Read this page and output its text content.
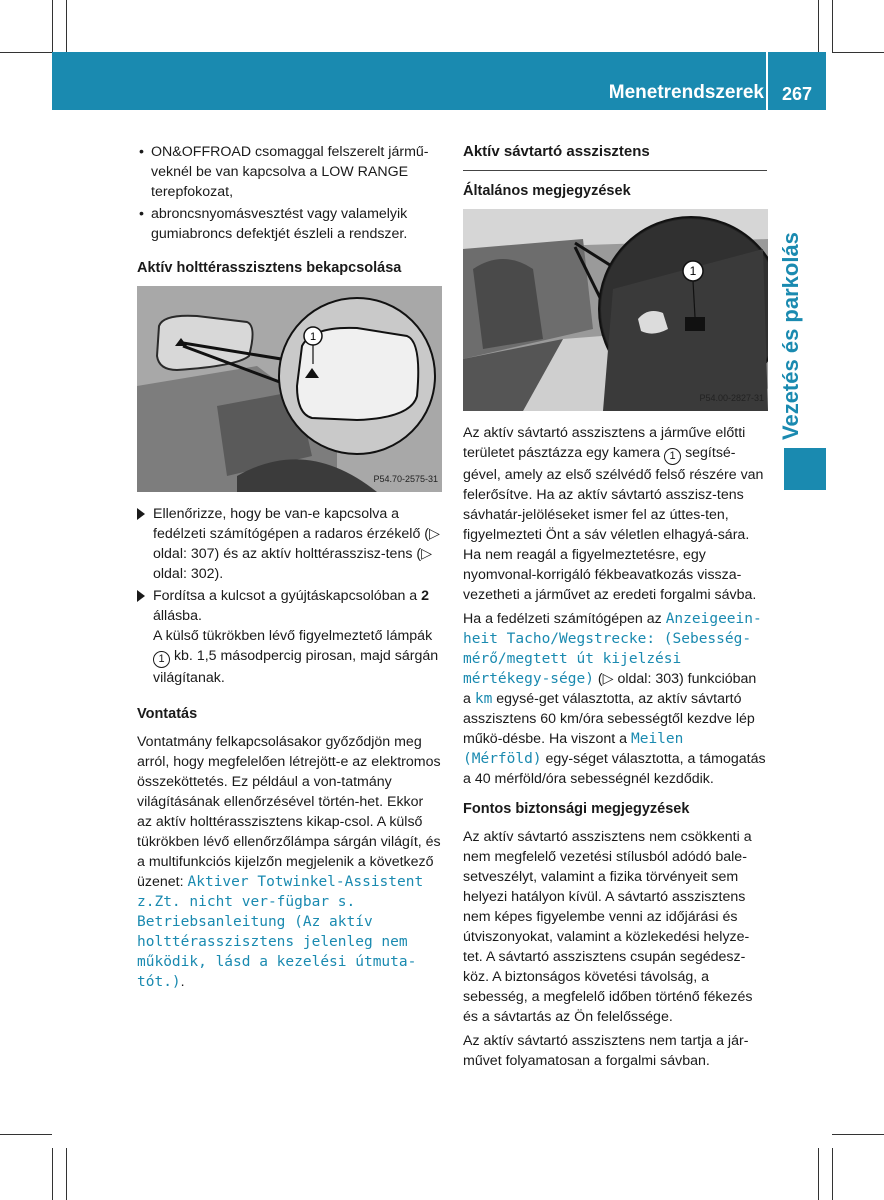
Menetrendszerek 267
Vezetés és parkolás
• ON&OFFROAD csomaggal felszerelt jármű-veknél be van kapcsolva a LOW RANGE terepfokozat,
• abroncsnyomásvesztést vagy valamelyik gumiabroncs defektjét észleli a rendszer.
Aktív holttérasszisztens bekapcsolása
1
P54.70-2575-31
Ellenőrizze, hogy be van-e kapcsolva a fedélzeti számítógépen a radaros érzékelő (▷ oldal: 307) és az aktív holttérasszisz-tens (▷ oldal: 302).
Fordítsa a kulcsot a gyújtáskapcsolóban a 2 állásba.
A külső tükrökben lévő figyelmeztető lámpák 1 kb. 1,5 másodpercig pirosan, majd sárgán világítanak.
Vontatás

Vontatmány felkapcsolásakor győződjön meg arról, hogy megfelelően létrejött-e az elektromos összeköttetés. Ez például a von-tatmány világításának ellenőrzésével történ-het. Ekkor az aktív holttérasszisztens kikap-csol. A külső tükrökben lévő ellenőrzőlámpa sárgán világít, és a multifunkciós kijelzőn megjelenik a következő üzenet: Aktiver Totwinkel-Assistent z.Zt. nicht ver-fügbar s. Betriebsanleitung (Az aktív holttérasszisztens jelenleg nem működik, lásd a kezelési útmuta-tót.).

Aktív sávtartó asszisztens
Általános megjegyzések
1
P54.00-2827-31

Az aktív sávtartó asszisztens a járműve előtti területet pásztázza egy kamera 1 segítsé-gével, amely az első szélvédő felső részére van felerősítve. Ha az aktív sávtartó asszisz-tens sávhatár-jelöléseket ismer fel az úttes-ten, figyelmezteti Önt a sáv véletlen elhagyá-sára. Ha nem reagál a figyelmeztetésre, egy nyomvonal-korrigáló fékbeavatkozás vissza-vezetheti a járművet az eredeti forgalmi sávba.

Ha a fedélzeti számítógépen az Anzeigeein-heit Tacho/Wegstrecke: (Sebesség-mérő/megtett út kijelzési mértékegy-sége) (▷ oldal: 303) funkcióban a km egysé-get választotta, az aktív sávtartó asszisztens 60 km/óra sebességtől kezdve lép műkö-désbe. Ha viszont a Meilen (Mérföld) egy-séget választotta, a támogatás a 40 mérföld/óra sebességnél kezdődik.

Fontos biztonsági megjegyzések

Az aktív sávtartó asszisztens nem csökkenti a nem megfelelő vezetési stílusból adódó bale-setveszélyt, valamint a fizika törvényeit sem helyezi hatályon kívül. A sávtartó asszisztens nem képes figyelembe venni az időjárási és útviszonyokat, valamint a közlekedési helyze-tet. A sávtartó asszisztens csupán segédesz-köz. A biztonságos követési távolság, a sebesség, a megfelelő időben történő fékezés és a sávtartás az Ön felelőssége.

Az aktív sávtartó asszisztens nem tartja a jár-művet folyamatosan a forgalmi sávban.
